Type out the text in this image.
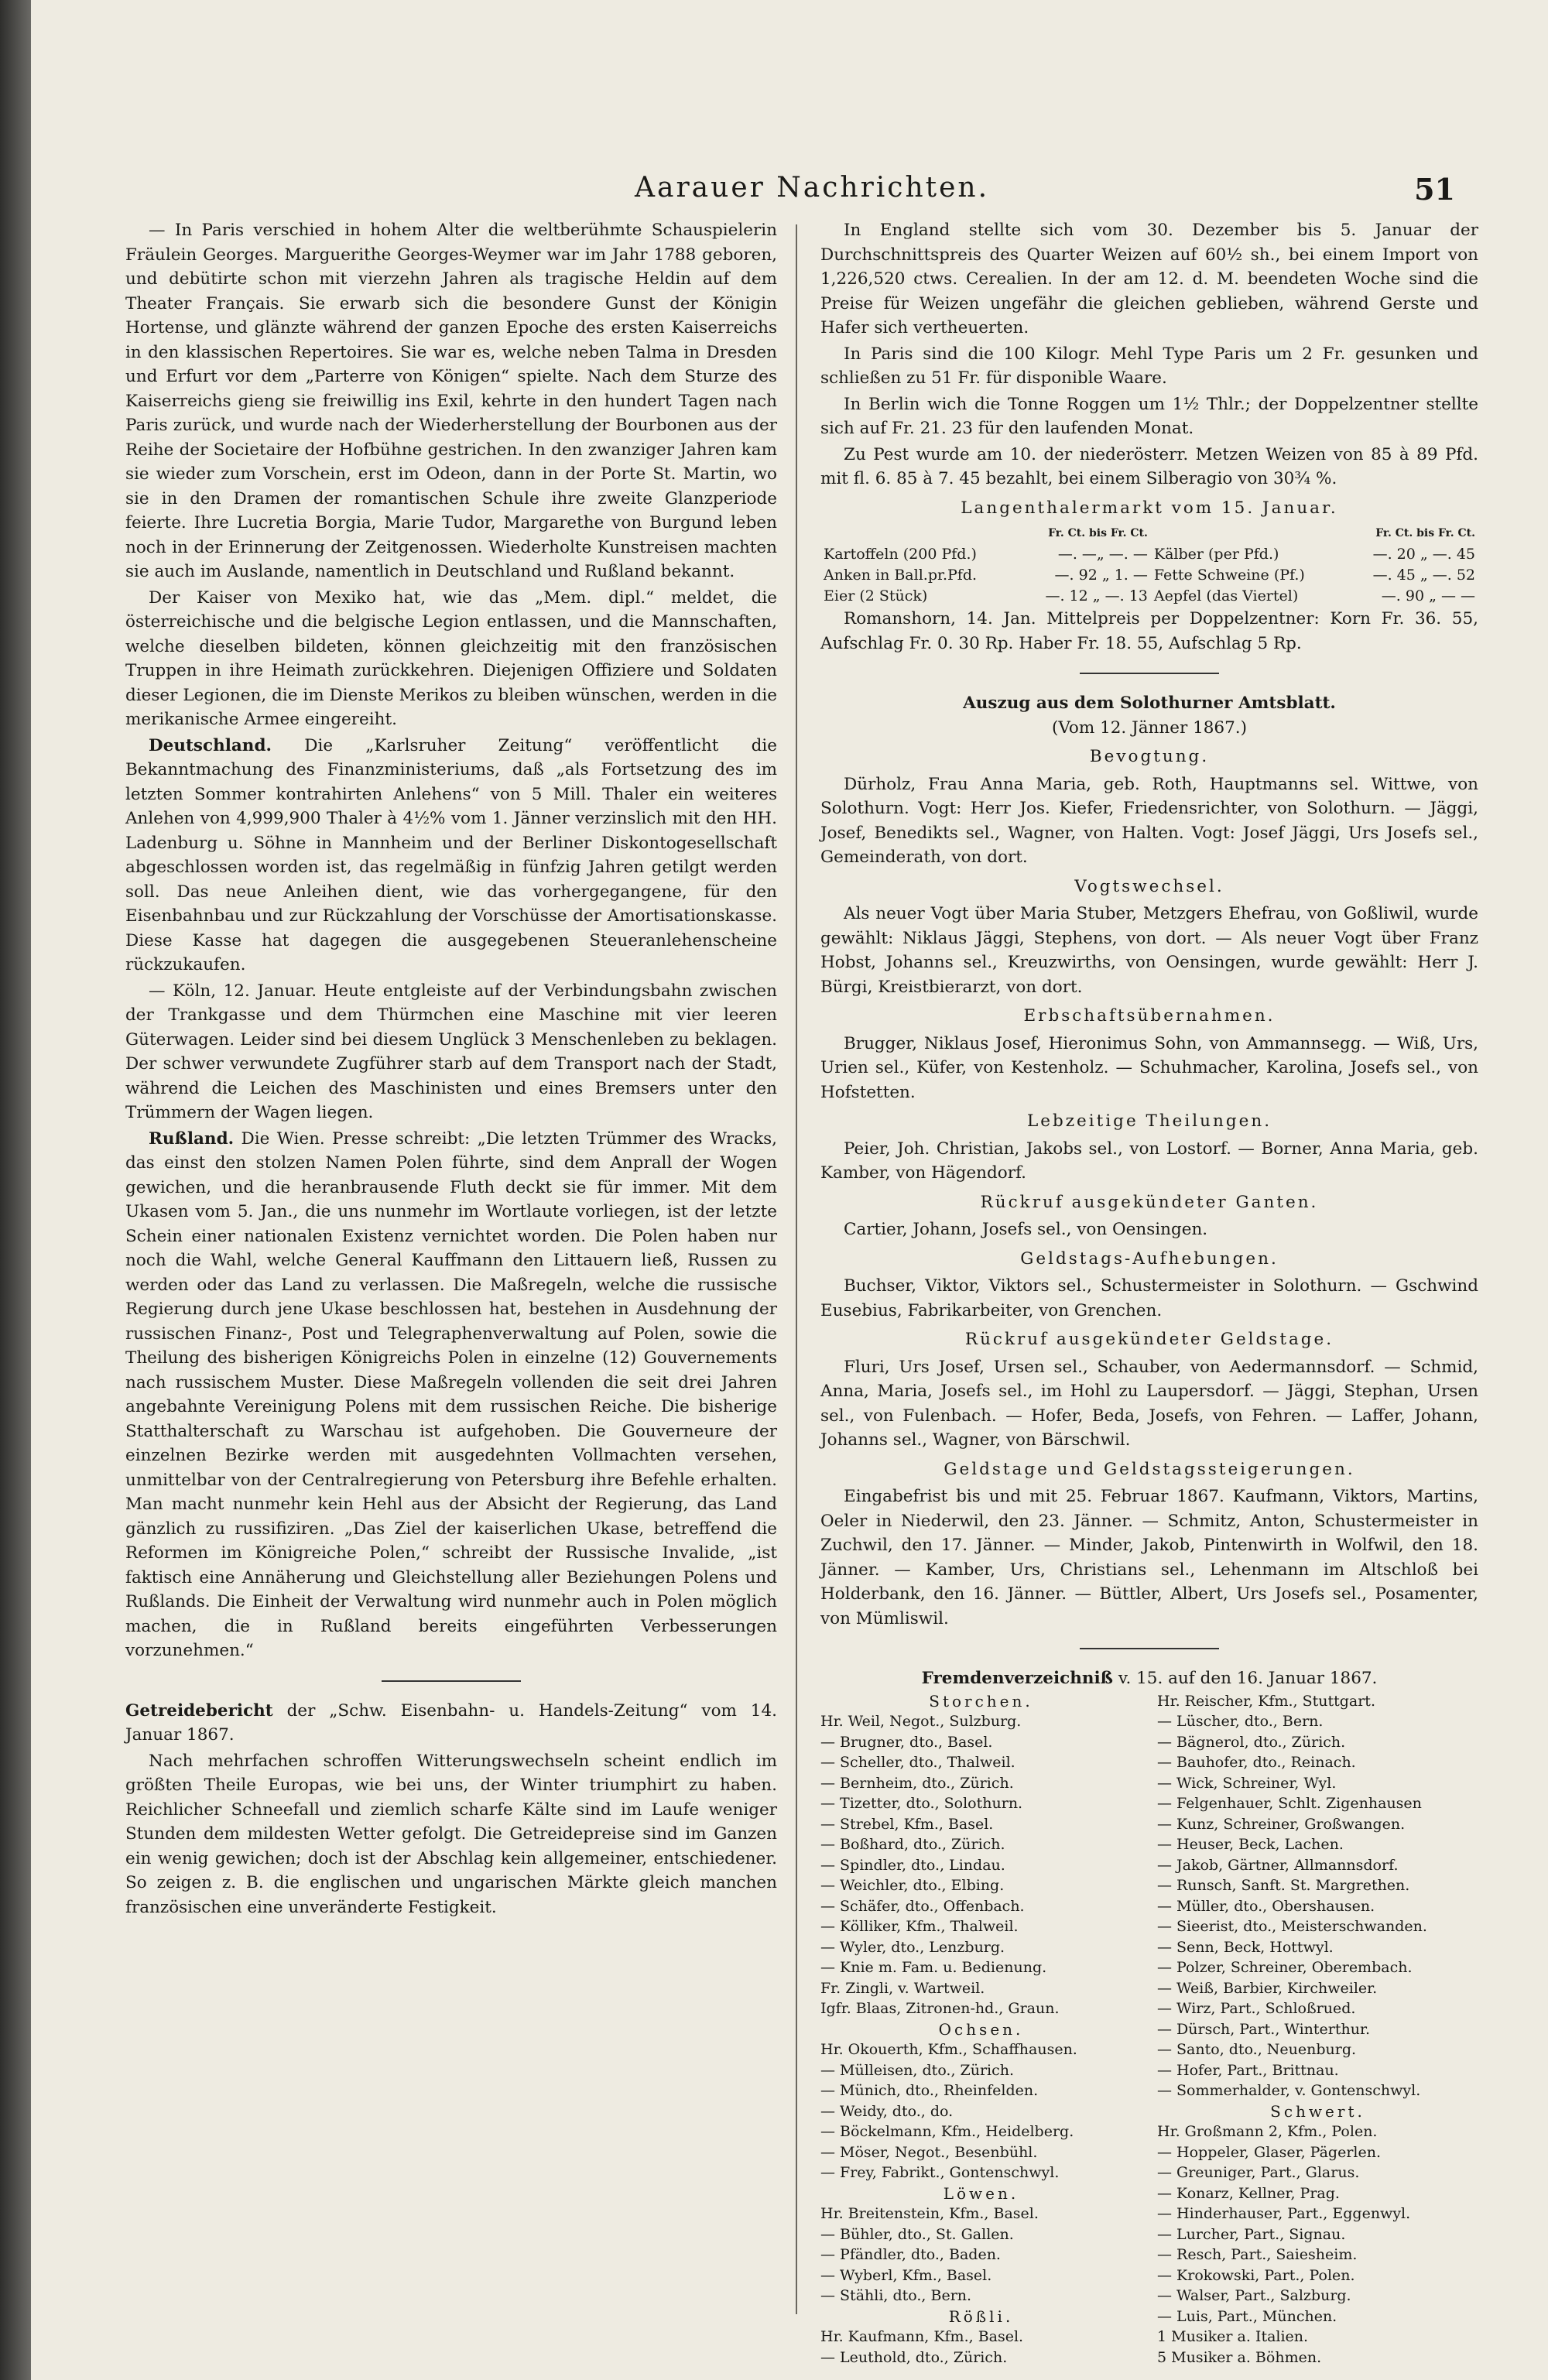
Aarauer Nachrichten.	51

— In Paris verschied in hohem Alter die weltberühmte Schauspielerin Fräulein Georges. Marguerithe Georges-Weymer war im Jahr 1788 geboren, und debütirte schon mit vierzehn Jahren als tragische Heldin auf dem Theater Français. Sie erwarb sich die besondere Gunst der Königin Hortense, und glänzte während der ganzen Epoche des ersten Kaiserreichs in den klassischen Repertoires. Sie war es, welche neben Talma in Dresden und Erfurt vor dem „Parterre von Königen“ spielte. Nach dem Sturze des Kaiserreichs gieng sie freiwillig ins Exil, kehrte in den hundert Tagen nach Paris zurück, und wurde nach der Wiederherstellung der Bourbonen aus der Reihe der Societaire der Hofbühne gestrichen. In den zwanziger Jahren kam sie wieder zum Vorschein, erst im Odeon, dann in der Porte St. Martin, wo sie in den Dramen der romantischen Schule ihre zweite Glanzperiode feierte. Ihre Lucretia Borgia, Marie Tudor, Margarethe von Burgund leben noch in der Erinnerung der Zeitgenossen. Wiederholte Kunstreisen machten sie auch im Auslande, namentlich in Deutschland und Rußland bekannt.

Der Kaiser von Mexiko hat, wie das „Mem. dipl.“ meldet, die österreichische und die belgische Legion entlassen, und die Mannschaften, welche dieselben bildeten, können gleichzeitig mit den französischen Truppen in ihre Heimath zurückkehren. Diejenigen Offiziere und Soldaten dieser Legionen, die im Dienste Merikos zu bleiben wünschen, werden in die merikanische Armee eingereiht.

Deutschland. Die „Karlsruher Zeitung“ veröffentlicht die Bekanntmachung des Finanzministeriums, daß „als Fortsetzung des im letzten Sommer kontrahirten Anlehens“ von 5 Mill. Thaler ein weiteres Anlehen von 4,999,900 Thaler à 4½% vom 1. Jänner verzinslich mit den HH. Ladenburg u. Söhne in Mannheim und der Berliner Diskontogesellschaft abgeschlossen worden ist, das regelmäßig in fünfzig Jahren getilgt werden soll. Das neue Anleihen dient, wie das vorhergegangene, für den Eisenbahnbau und zur Rückzahlung der Vorschüsse der Amortisationskasse. Diese Kasse hat dagegen die ausgegebenen Steueranlehenscheine rückzukaufen.

— Köln, 12. Januar. Heute entgleiste auf der Verbindungsbahn zwischen der Trankgasse und dem Thürmchen eine Maschine mit vier leeren Güterwagen. Leider sind bei diesem Unglück 3 Menschenleben zu beklagen. Der schwer verwundete Zugführer starb auf dem Transport nach der Stadt, während die Leichen des Maschinisten und eines Bremsers unter den Trümmern der Wagen liegen.

Rußland. Die Wien. Presse schreibt: „Die letzten Trümmer des Wracks, das einst den stolzen Namen Polen führte, sind dem Anprall der Wogen gewichen, und die heranbrausende Fluth deckt sie für immer. Mit dem Ukasen vom 5. Jan., die uns nunmehr im Wortlaute vorliegen, ist der letzte Schein einer nationalen Existenz vernichtet worden. Die Polen haben nur noch die Wahl, welche General Kauffmann den Littauern ließ, Russen zu werden oder das Land zu verlassen. Die Maßregeln, welche die russische Regierung durch jene Ukase beschlossen hat, bestehen in Ausdehnung der russischen Finanz-, Post und Telegraphenverwaltung auf Polen, sowie die Theilung des bisherigen Königreichs Polen in einzelne (12) Gouvernements nach russischem Muster. Diese Maßregeln vollenden die seit drei Jahren angebahnte Vereinigung Polens mit dem russischen Reiche. Die bisherige Statthalterschaft zu Warschau ist aufgehoben. Die Gouverneure der einzelnen Bezirke werden mit ausgedehnten Vollmachten versehen, unmittelbar von der Centralregierung von Petersburg ihre Befehle erhalten. Man macht nunmehr kein Hehl aus der Absicht der Regierung, das Land gänzlich zu russifiziren. „Das Ziel der kaiserlichen Ukase, betreffend die Reformen im Königreiche Polen,“ schreibt der Russische Invalide, „ist faktisch eine Annäherung und Gleichstellung aller Beziehungen Polens und Rußlands. Die Einheit der Verwaltung wird nunmehr auch in Polen möglich machen, die in Rußland bereits eingeführten Verbesserungen vorzunehmen.“

Getreidebericht der „Schw. Eisenbahn- u. Handels-Zeitung“ vom 14. Januar 1867.

Nach mehrfachen schroffen Witterungswechseln scheint endlich im größten Theile Europas, wie bei uns, der Winter triumphirt zu haben. Reichlicher Schneefall und ziemlich scharfe Kälte sind im Laufe weniger Stunden dem mildesten Wetter gefolgt. Die Getreidepreise sind im Ganzen ein wenig gewichen; doch ist der Abschlag kein allgemeiner, entschiedener. So zeigen z. B. die englischen und ungarischen Märkte gleich manchen französischen eine unveränderte Festigkeit.

In England stellte sich vom 30. Dezember bis 5. Januar der Durchschnittspreis des Quarter Weizen auf 60½ sh., bei einem Import von 1,226,520 ctws. Cerealien. In der am 12. d. M. beendeten Woche sind die Preise für Weizen ungefähr die gleichen geblieben, während Gerste und Hafer sich vertheuerten.

In Paris sind die 100 Kilogr. Mehl Type Paris um 2 Fr. gesunken und schließen zu 51 Fr. für disponible Waare.

In Berlin wich die Tonne Roggen um 1½ Thlr.; der Doppelzentner stellte sich auf Fr. 21. 23 für den laufenden Monat.

Zu Pest wurde am 10. der niederösterr. Metzen Weizen von 85 à 89 Pfd. mit fl. 6. 85 à 7. 45 bezahlt, bei einem Silberagio von 30¾ %.

Langenthalermarkt vom 15. Januar.
	Fr. Ct. bis Fr. Ct.		Fr. Ct. bis Fr. Ct.
Kartoffeln (200 Pfd.)	—. —„ —. —	Kälber (per Pfd.)	—. 20 „ —. 45
Anken in Ball.pr.Pfd.	—. 92 „ 1. —	Fette Schweine (Pf.)	—. 45 „ —. 52
Eier (2 Stück)	—. 12 „ —. 13	Aepfel (das Viertel)	—. 90 „ — —

Romanshorn, 14. Jan. Mittelpreis per Doppelzentner: Korn Fr. 36. 55, Aufschlag Fr. 0. 30 Rp. Haber Fr. 18. 55, Aufschlag 5 Rp.

Auszug aus dem Solothurner Amtsblatt.
(Vom 12. Jänner 1867.)
Bevogtung.

Dürholz, Frau Anna Maria, geb. Roth, Hauptmanns sel. Wittwe, von Solothurn. Vogt: Herr Jos. Kiefer, Friedensrichter, von Solothurn. — Jäggi, Josef, Benedikts sel., Wagner, von Halten. Vogt: Josef Jäggi, Urs Josefs sel., Gemeinderath, von dort.

Vogtswechsel.

Als neuer Vogt über Maria Stuber, Metzgers Ehefrau, von Goßliwil, wurde gewählt: Niklaus Jäggi, Stephens, von dort. — Als neuer Vogt über Franz Hobst, Johanns sel., Kreuzwirths, von Oensingen, wurde gewählt: Herr J. Bürgi, Kreistbierarzt, von dort.

Erbschaftsübernahmen.

Brugger, Niklaus Josef, Hieronimus Sohn, von Ammannsegg. — Wiß, Urs, Urien sel., Küfer, von Kestenholz. — Schuhmacher, Karolina, Josefs sel., von Hofstetten.

Lebzeitige Theilungen.

Peier, Joh. Christian, Jakobs sel., von Lostorf. — Borner, Anna Maria, geb. Kamber, von Hägendorf.

Rückruf ausgekündeter Ganten.

Cartier, Johann, Josefs sel., von Oensingen.

Geldstags-Aufhebungen.

Buchser, Viktor, Viktors sel., Schustermeister in Solothurn. — Gschwind Eusebius, Fabrikarbeiter, von Grenchen.

Rückruf ausgekündeter Geldstage.

Fluri, Urs Josef, Ursen sel., Schauber, von Aedermannsdorf. — Schmid, Anna, Maria, Josefs sel., im Hohl zu Laupersdorf. — Jäggi, Stephan, Ursen sel., von Fulenbach. — Hofer, Beda, Josefs, von Fehren. — Laffer, Johann, Johanns sel., Wagner, von Bärschwil.

Geldstage und Geldstagssteigerungen.

Eingabefrist bis und mit 25. Februar 1867. Kaufmann, Viktors, Martins, Oeler in Niederwil, den 23. Jänner. — Schmitz, Anton, Schustermeister in Zuchwil, den 17. Jänner. — Minder, Jakob, Pintenwirth in Wolfwil, den 18. Jänner. — Kamber, Urs, Christians sel., Lehenmann im Altschloß bei Holderbank, den 16. Jänner. — Büttler, Albert, Urs Josefs sel., Posamenter, von Mümliswil.

Fremdenverzeichniß v. 15. auf den 16. Januar 1867.
Storchen.
Hr. Weil, Negot., Sulzburg.
— Brugner, dto., Basel.
— Scheller, dto., Thalweil.
— Bernheim, dto., Zürich.
— Tizetter, dto., Solothurn.
— Strebel, Kfm., Basel.
— Boßhard, dto., Zürich.
— Spindler, dto., Lindau.
— Weichler, dto., Elbing.
— Schäfer, dto., Offenbach.
— Kölliker, Kfm., Thalweil.
— Wyler, dto., Lenzburg.
— Knie m. Fam. u. Bedienung.
Fr. Zingli, v. Wartweil.
Igfr. Blaas, Zitronen-hd., Graun.
Ochsen.
Hr. Okouerth, Kfm., Schaffhausen.
— Mülleisen, dto., Zürich.
— Münich, dto., Rheinfelden.
— Weidy, dto., do.
— Böckelmann, Kfm., Heidelberg.
— Möser, Negot., Besenbühl.
— Frey, Fabrikt., Gontenschwyl.
Löwen.
Hr. Breitenstein, Kfm., Basel.
— Bühler, dto., St. Gallen.
— Pfändler, dto., Baden.
— Wyberl, Kfm., Basel.
— Stähli, dto., Bern.
Rößli.
Hr. Kaufmann, Kfm., Basel.
— Leuthold, dto., Zürich.
Hr. Reischer, Kfm., Stuttgart.
— Lüscher, dto., Bern.
— Bägnerol, dto., Zürich.
— Bauhofer, dto., Reinach.
— Wick, Schreiner, Wyl.
— Felgenhauer, Schlt. Zigenhausen
— Kunz, Schreiner, Großwangen.
— Heuser, Beck, Lachen.
— Jakob, Gärtner, Allmannsdorf.
— Runsch, Sanft. St. Margrethen.
— Müller, dto., Obershausen.
— Sieerist, dto., Meisterschwanden.
— Senn, Beck, Hottwyl.
— Polzer, Schreiner, Oberembach.
— Weiß, Barbier, Kirchweiler.
— Wirz, Part., Schloßrued.
— Dürsch, Part., Winterthur.
— Santo, dto., Neuenburg.
— Hofer, Part., Brittnau.
— Sommerhalder, v. Gontenschwyl.
Schwert.
Hr. Großmann 2, Kfm., Polen.
— Hoppeler, Glaser, Pägerlen.
— Greuniger, Part., Glarus.
— Konarz, Kellner, Prag.
— Hinderhauser, Part., Eggenwyl.
— Lurcher, Part., Signau.
— Resch, Part., Saiesheim.
— Krokowski, Part., Polen.
— Walser, Part., Salzburg.
— Luis, Part., München.
1 Musiker a. Italien.
5 Musiker a. Böhmen.
